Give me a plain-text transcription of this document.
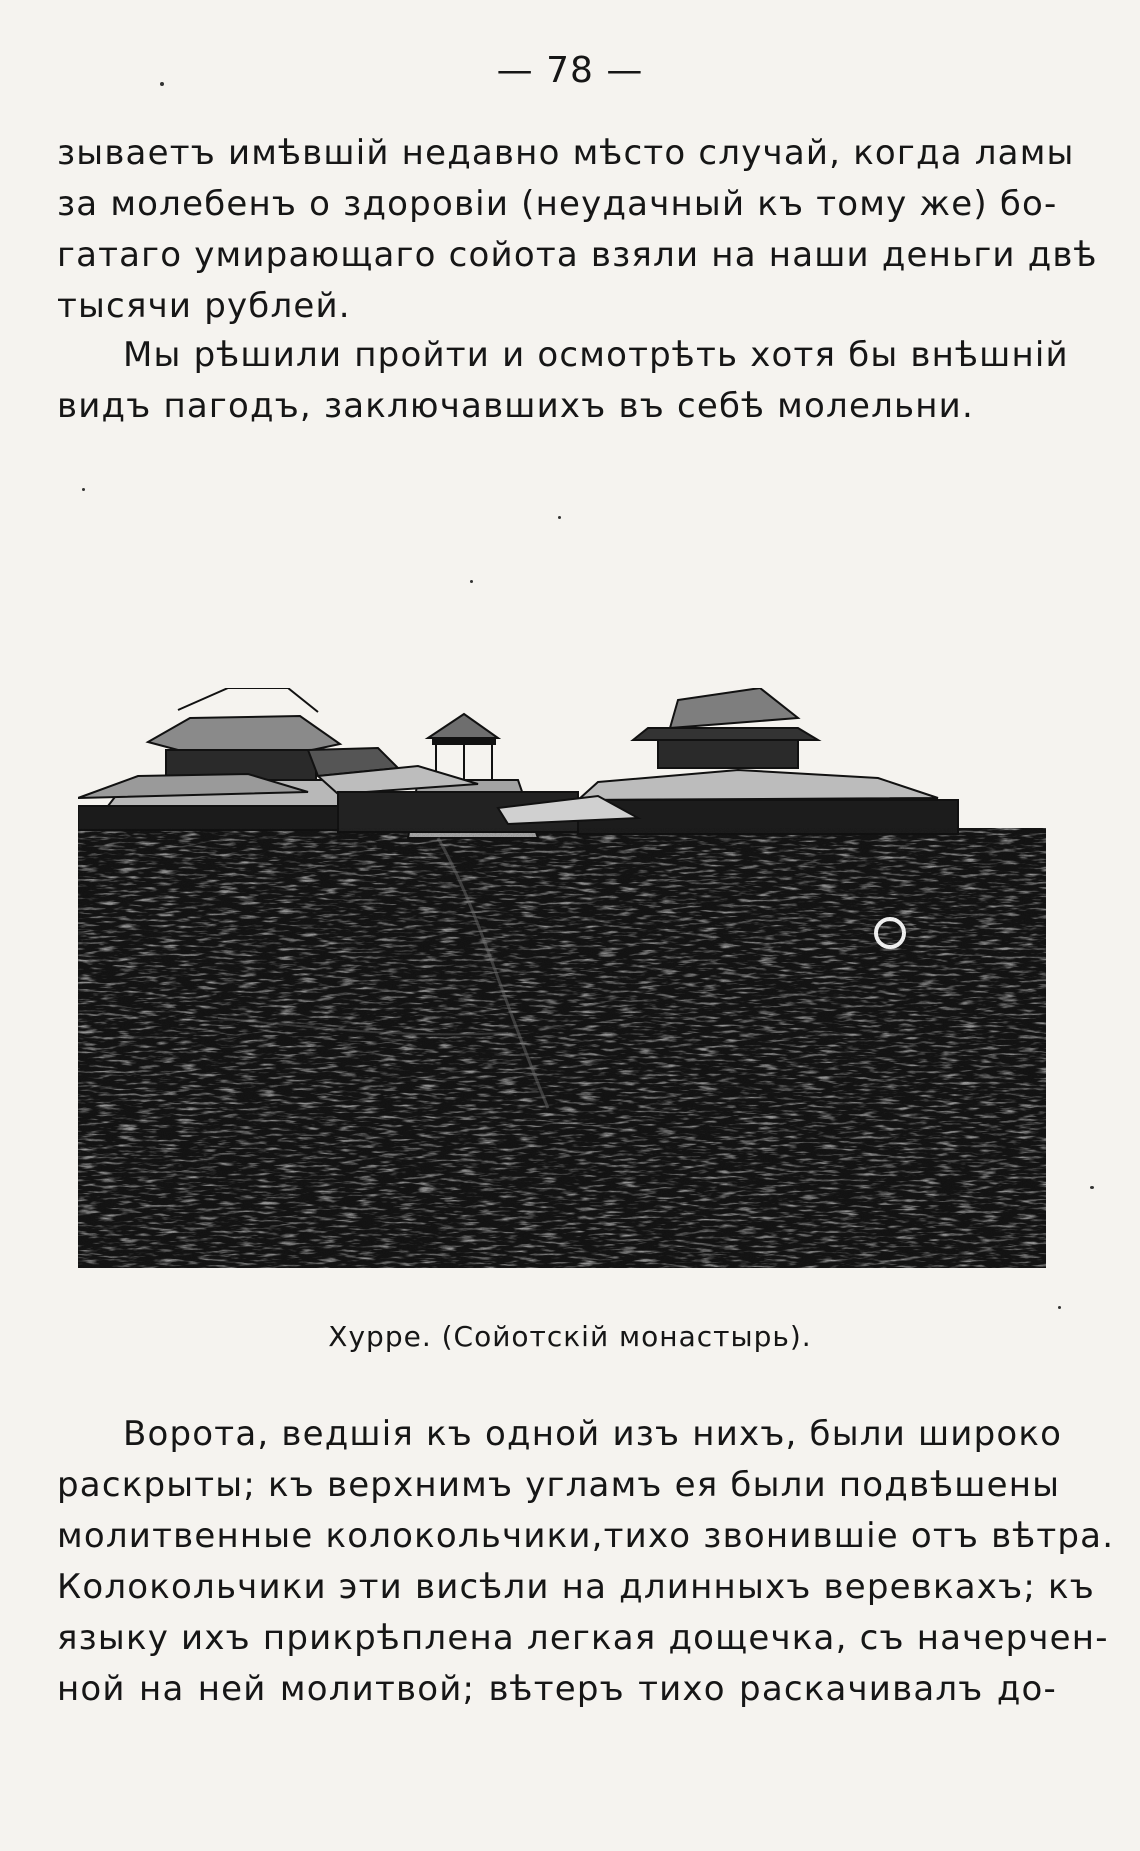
— 78 —

зываетъ имѣвшій недавно мѣсто случай, когда ламы
за молебенъ о здоровіи (неудачный къ тому же) бо-
гатаго умирающаго сойота взяли на наши деньги двѣ
тысячи рублей.

Мы рѣшили пройти и осмотрѣть хотя бы внѣшній
видъ пагодъ, заключавшихъ въ себѣ молельни.

Хурре. (Сойотскій монастырь).

Ворота, ведшія къ одной изъ нихъ, были широко
раскрыты; къ верхнимъ угламъ ея были подвѣшены
молитвенные колокольчики,тихо звонившіе отъ вѣтра.
Колокольчики эти висѣли на длинныхъ веревкахъ; къ
языку ихъ прикрѣплена легкая дощечка, съ начерчен-
ной на ней молитвой; вѣтеръ тихо раскачивалъ до-
